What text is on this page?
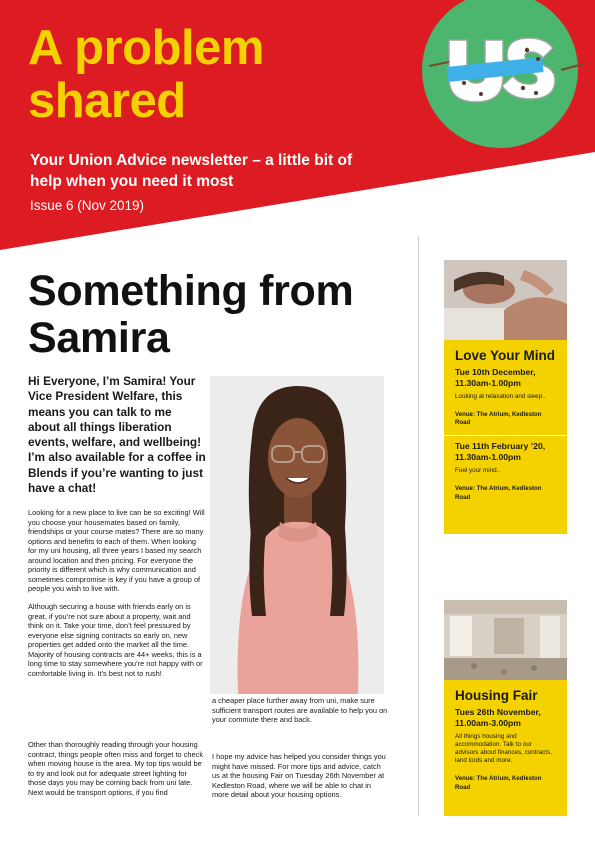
A problem shared
Your Union Advice newsletter – a little bit of help when you need it most
Issue 6 (Nov 2019)
Something from Samira
Hi Everyone, I’m Samira! Your Vice President Welfare, this means you can talk to me about all things liberation events, welfare, and wellbeing! I’m also available for a coffee in Blends if you’re wanting to just have a chat!
Looking for a new place to live can be so exciting! Will you choose your housemates based on family, friendships or your course mates? There are so many options and benefits to each of them. When looking for my uni housing, all three years I based my search around location and then pricing. For everyone the priority is different which is why communication and sometimes compromise is key if you have a group of people you wish to live with.
Although securing a house with friends early on is great, if you’re not sure about a property, wait and think on it. Take your time, don’t feel pressured by everyone else signing contracts so early on, new properties get added onto the market all the time. Majority of housing contracts are 44+ weeks, this is a long time to stay somewhere you’re not happy with or comfortable living in. It’s best not to rush!
Other than thoroughly reading through your housing contract, things people often miss and forget to check when moving house is the area. My top tips would be to try and look out for adequate street lighting for those days you may be coming back from uni late. Next would be transport options, if you find
a cheaper place further away from uni, make sure sufficient transport routes are available to help you on your commute there and back.
I hope my advice has helped you consider things you might have missed. For more tips and advice, catch us at the housing Fair on Tuesday 26th November at Kedleston Road, where we will be able to chat in more detail about your housing options.
Love Your Mind
Tue 10th December, 11.30am-1.00pm
Looking at relaxation and sleep..
Venue: The Atrium, Kedleston Road
Tue 11th February ’20, 11.30am-1.00pm
Fuel your mind..
Venue: The Atrium, Kedleston Road
Housing Fair
Tues 26th November, 11.00am-3.00pm
All things housing and accommodation. Talk to our advisors about finances, contracts, land lords and more.
Venue: The Atrium, Kedleston Road
